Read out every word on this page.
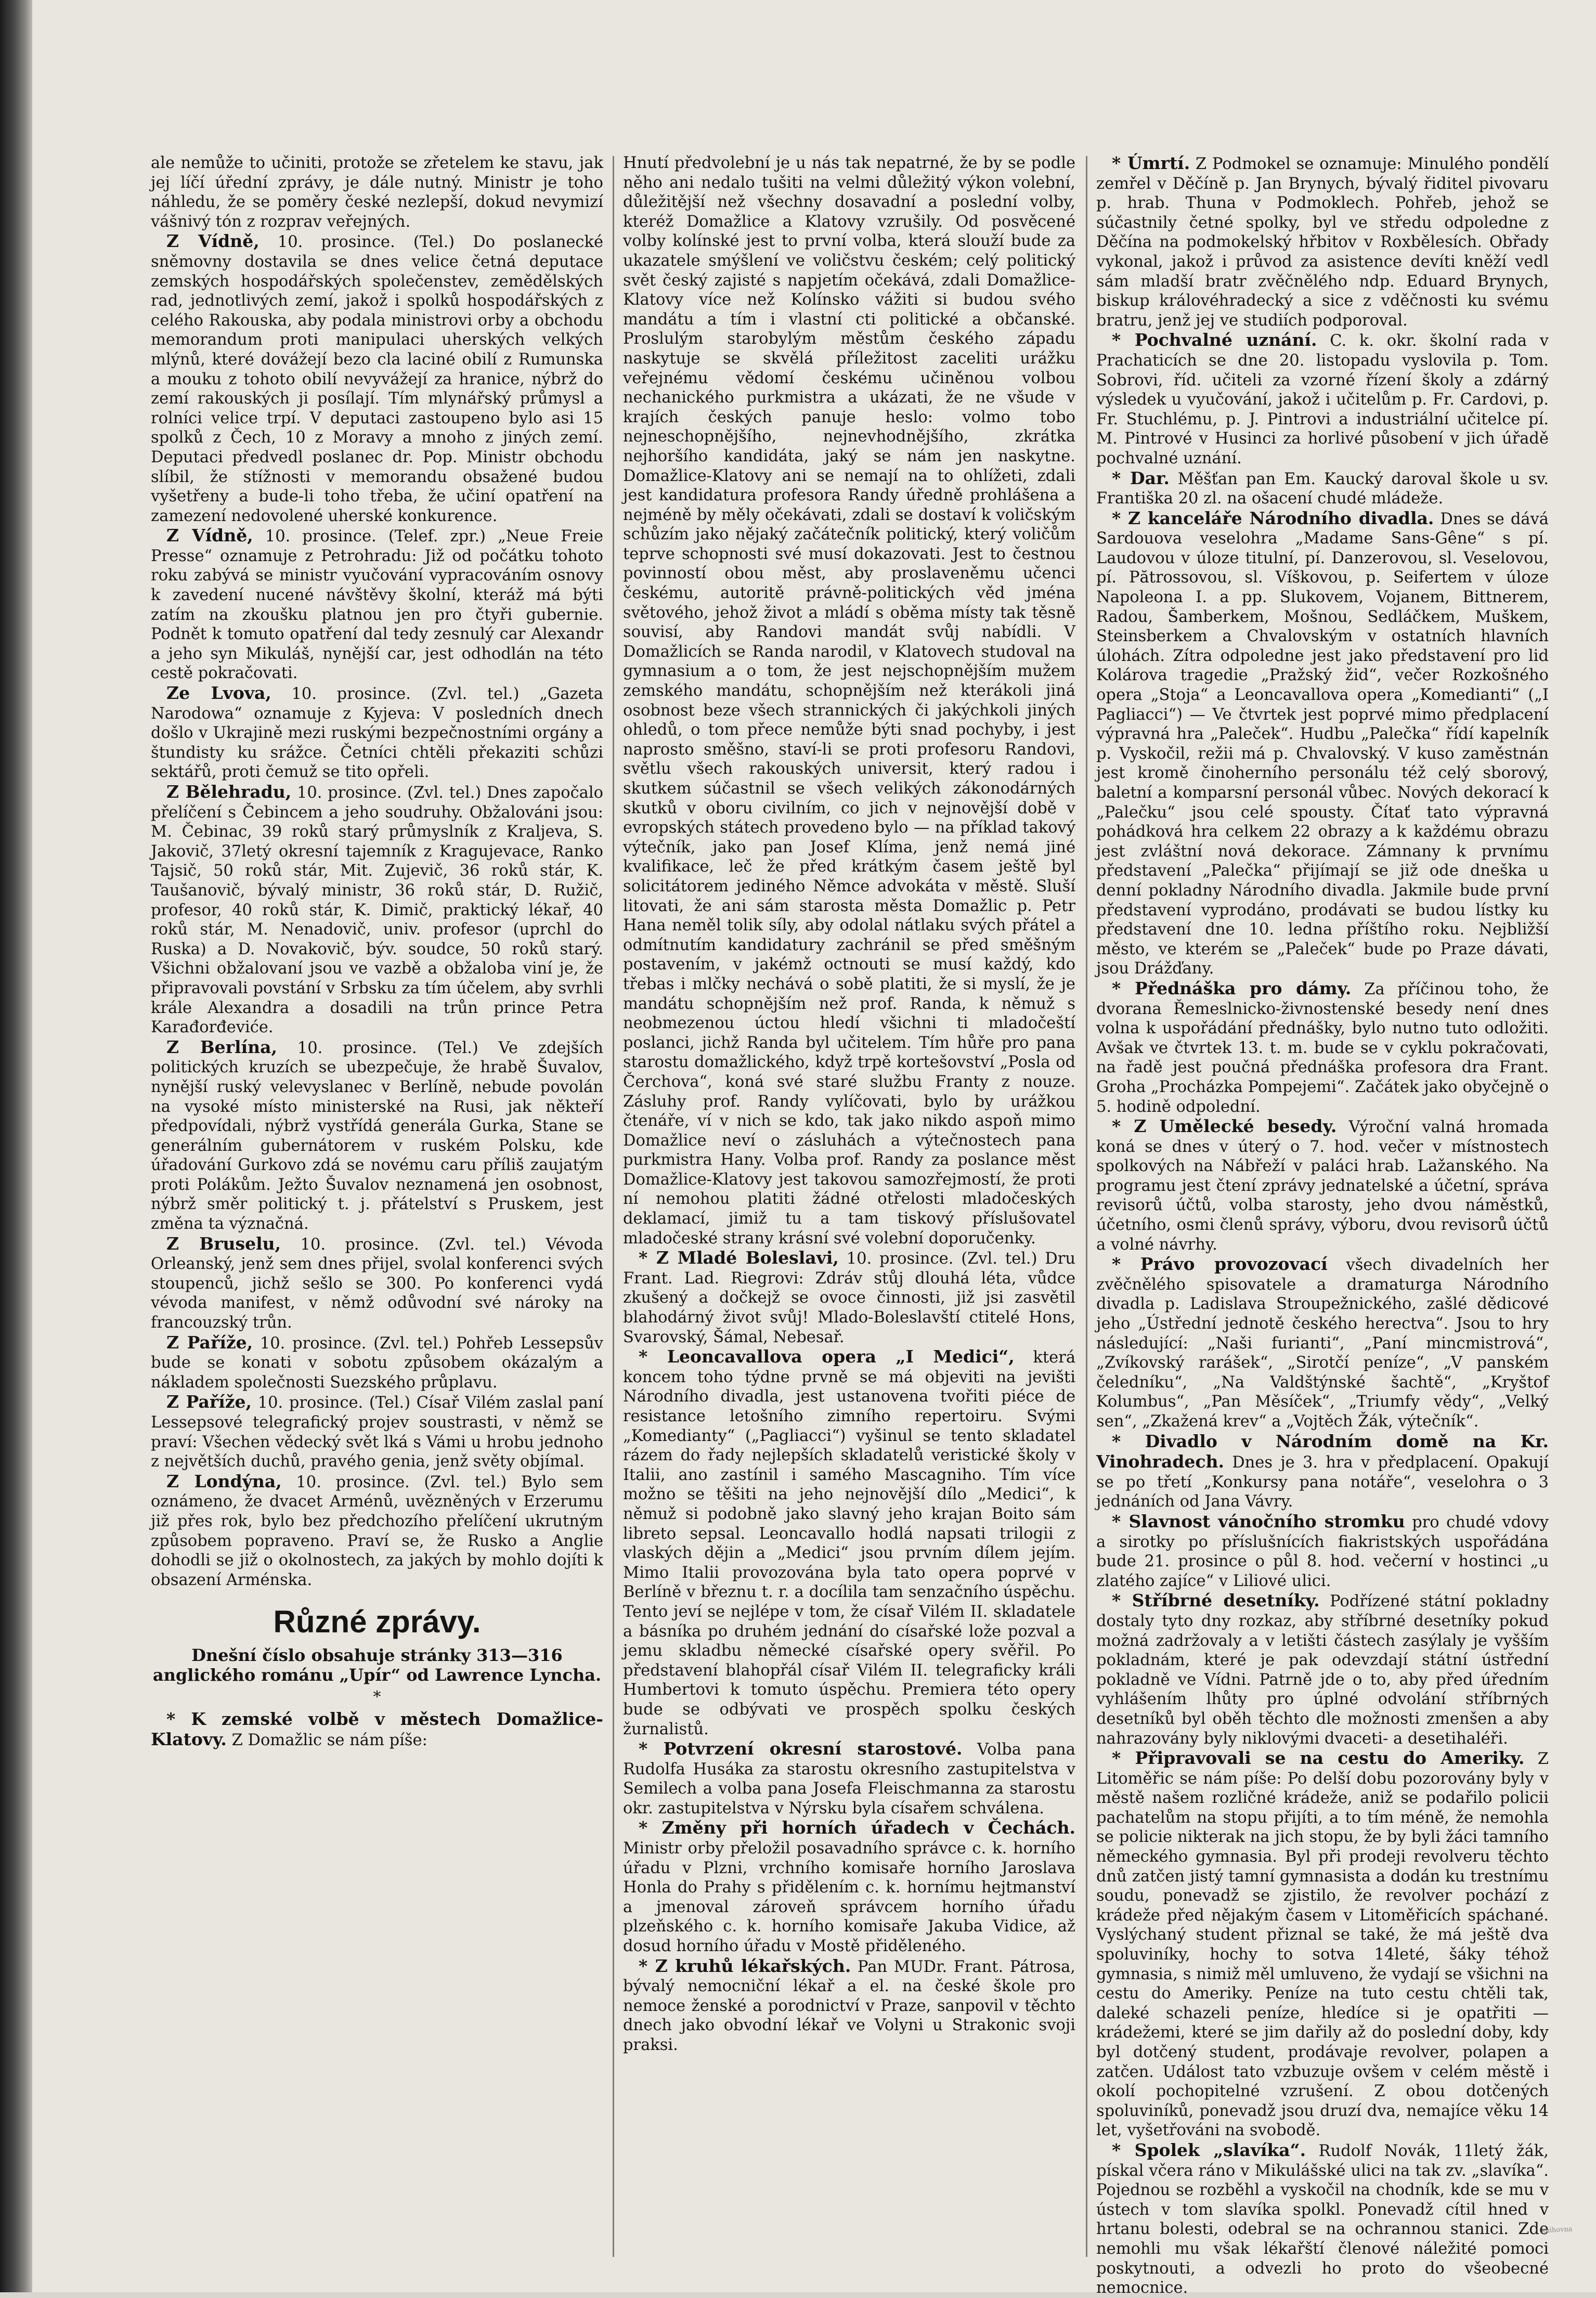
ale nemůže to učiniti, protože se zřetelem ke stavu, jak jej líčí úřední zprávy, je dále nutný. Ministr je toho náhledu, že se poměry české nezlepší, dokud nevymizí vášnivý tón z rozprav veřejných.

Z Vídně, 10. prosince. (Tel.) Do poslanecké sněmovny dostavila se dnes velice četná deputace zemských hospodářských společenstev, zemědělských rad, jednotlivých zemí, jakož i spolků hospodářských z celého Rakouska, aby podala ministrovi orby a obchodu memorandum proti manipulaci uherských velkých mlýnů, které dovážejí bezo cla laciné obilí z Rumunska a mouku z tohoto obilí nevyvážejí za hranice, nýbrž do zemí rakouských ji posílají. Tím mlynářský průmysl a rolníci velice trpí. V deputaci zastoupeno bylo asi 15 spolků z Čech, 10 z Moravy a mnoho z jiných zemí. Deputaci předvedl poslanec dr. Pop. Ministr obchodu slíbil, že stížnosti v memorandu obsažené budou vyšetřeny a bude-li toho třeba, že učiní opatření na zamezení nedovolené uherské konkurence.

Z Vídně, 10. prosince. (Telef. zpr.) „Neue Freie Presse“ oznamuje z Petrohradu: Již od počátku tohoto roku zabývá se ministr vyučování vypracováním osnovy k zavedení nucené návštěvy školní, kteráž má býti zatím na zkoušku platnou jen pro čtyři gubernie. Podnět k tomuto opatření dal tedy zesnulý car Alexandr a jeho syn Mikuláš, nynější car, jest odhodlán na této cestě pokračovati.

Ze Lvova, 10. prosince. (Zvl. tel.) „Gazeta Narodowa“ oznamuje z Kyjeva: V posledních dnech došlo v Ukrajině mezi ruskými bezpečnostními orgány a štundisty ku srážce. Četníci chtěli překaziti schůzi sektářů, proti čemuž se tito opřeli.

Z Bělehradu, 10. prosince. (Zvl. tel.) Dnes započalo přelíčení s Čebincem a jeho soudruhy. Obžalováni jsou: M. Čebinac, 39 roků starý průmyslník z Kraljeva, S. Jakovič, 37letý okresní tajemník z Kragujevace, Ranko Tajsič, 50 roků stár, Mit. Zujevič, 36 roků stár, K. Taušanovič, bývalý ministr, 36 roků stár, D. Ružič, profesor, 40 roků stár, K. Dimič, praktický lékař, 40 roků stár, M. Nenadovič, univ. profesor (uprchl do Ruska) a D. Novakovič, býv. soudce, 50 roků starý. Všichni obžalovaní jsou ve vazbě a obžaloba viní je, že připravovali povstání v Srbsku za tím účelem, aby svrhli krále Alexandra a dosadili na trůn prince Petra Karađorđeviće.

Z Berlína, 10. prosince. (Tel.) Ve zdejších politických kruzích se ubezpečuje, že hrabě Šuvalov, nynější ruský velevyslanec v Berlíně, nebude povolán na vysoké místo ministerské na Rusi, jak někteří předpovídali, nýbrž vystřídá generála Gurka, Stane se generálním gubernátorem v ruském Polsku, kde úřadování Gurkovo zdá se novému caru příliš zaujatým proti Polákům. Ježto Šuvalov neznamená jen osobnost, nýbrž směr politický t. j. přátelství s Pruskem, jest změna ta význačná.

Z Bruselu, 10. prosince. (Zvl. tel.) Vévoda Orleanský, jenž sem dnes přijel, svolal konferenci svých stoupenců, jichž sešlo se 300. Po konferenci vydá vévoda manifest, v němž odůvodní své nároky na francouzský trůn.

Z Paříže, 10. prosince. (Zvl. tel.) Pohřeb Lessepsův bude se konati v sobotu způsobem okázalým a nákladem společnosti Suezského průplavu.

Z Paříže, 10. prosince. (Tel.) Císař Vilém zaslal paní Lessepsové telegrafický projev soustrasti, v němž se praví: Všechen vědecký svět lká s Vámi u hrobu jednoho z největších duchů, pravého genia, jenž světy objímal.

Z Londýna, 10. prosince. (Zvl. tel.) Bylo sem oznámeno, že dvacet Arménů, uvězněných v Erzerumu již přes rok, bylo bez předchozího přelíčení ukrutným způsobem popraveno. Praví se, že Rusko a Anglie dohodli se již o okolnostech, za jakých by mohlo dojíti k obsazení Arménska.

Různé zprávy.

Dnešní číslo obsahuje stránky 313—316 anglického románu „Upír“ od Lawrence Lyncha.

*

* K zemské volbě v městech Domažlice-Klatovy. Z Domažlic se nám píše:

Hnutí předvolební je u nás tak nepatrné, že by se podle něho ani nedalo tušiti na velmi důležitý výkon volební, důležitější než všechny dosavadní a poslední volby, kteréž Domažlice a Klatovy vzrušily. Od posvěcené volby kolínské jest to první volba, která slouží bude za ukazatele smýšlení ve voličstvu českém; celý politický svět český zajisté s napjetím očekává, zdali Domažlice-Klatovy více než Kolínsko vážiti si budou svého mandátu a tím i vlastní cti politické a občanské. Proslulým starobylým městům českého západu naskytuje se skvělá příležitost zaceliti urážku veřejnému vědomí českému učiněnou volbou nechanického purkmistra a ukázati, že ne všude v krajích českých panuje heslo: volmo tobo nejneschopnějšího, nejnevhodnějšího, zkrátka nejhoršího kandidáta, jaký se nám jen naskytne. Domažlice-Klatovy ani se nemají na to ohlížeti, zdali jest kandidatura profesora Randy úředně prohlášena a nejméně by měly očekávati, zdali se dostaví k voličským schůzím jako nějaký začátečník politický, který voličům teprve schopnosti své musí dokazovati. Jest to čestnou povinností obou měst, aby proslaveněmu učenci českému, autoritě právně-politických věd jména světového, jehož život a mládí s oběma místy tak těsně souvisí, aby Randovi mandát svůj nabídli. V Domažlicích se Randa narodil, v Klatovech studoval na gymnasium a o tom, že jest nejschopnějším mužem zemského mandátu, schopnějším než kterákoli jiná osobnost beze všech strannických či jakýchkoli jiných ohledů, o tom přece nemůže býti snad pochyby, i jest naprosto směšno, staví-li se proti profesoru Randovi, světlu všech rakouských universit, který radou i skutkem súčastnil se všech velikých zákonodárných skutků v oboru civilním, co jich v nejnovější době v evropských státech provedeno bylo — na příklad takový výtečník, jako pan Josef Klíma, jenž nemá jiné kvalifikace, leč že před krátkým časem ještě byl solicitátorem jediného Němce advokáta v městě. Sluší litovati, že ani sám starosta města Domažlic p. Petr Hana neměl tolik síly, aby odolal nátlaku svých přátel a odmítnutím kandidatury zachránil se před směšným postavením, v jakémž octnouti se musí každý, kdo třebas i mlčky nechává o sobě platiti, že si myslí, že je mandátu schopnějším než prof. Randa, k němuž s neobmezenou úctou hledí všichni ti mladočeští poslanci, jichž Randa byl učitelem. Tím hůře pro pana starostu domažlického, když trpě kortešovství „Posla od Čerchova“, koná své staré službu Franty z nouze. Zásluhy prof. Randy vylíčovati, bylo by urážkou čtenáře, ví v nich se kdo, tak jako nikdo aspoň mimo Domažlice neví o zásluhách a výtečnostech pana purkmistra Hany. Volba prof. Randy za poslance měst Domažlice-Klatovy jest takovou samozřejmostí, že proti ní nemohou platiti žádné otřelosti mladočeských deklamací, jimiž tu a tam tiskový příslušovatel mladočeské strany krásní své volební doporučenky.

* Z Mladé Boleslavi, 10. prosince. (Zvl. tel.) Dru Frant. Lad. Riegrovi: Zdráv stůj dlouhá léta, vůdce zkušený a dočkejž se ovoce činnosti, již jsi zasvětil blahodárný život svůj! Mlado-Boleslavští ctitelé Hons, Svarovský, Šámal, Nebesař.

* Leoncavallova opera „I Medici“, která koncem toho týdne prvně se má objeviti na jevišti Národního divadla, jest ustanovena tvořiti piéce de resistance letošního zimního repertoiru. Svými „Komedianty“ („Pagliacci“) vyšinul se tento skladatel rázem do řady nejlepších skladatelů veristické školy v Italii, ano zastínil i samého Mascagniho. Tím více možno se těšiti na jeho nejnovější dílo „Medici“, k němuž si podobně jako slavný jeho krajan Boito sám libreto sepsal. Leoncavallo hodlá napsati trilogii z vlaských dějin a „Medici“ jsou prvním dílem jejím. Mimo Italii provozována byla tato opera poprvé v Berlíně v březnu t. r. a docílila tam senzačního úspěchu. Tento jeví se nejlépe v tom, že císař Vilém II. skladatele a básníka po druhém jednání do císařské lože pozval a jemu skladbu německé císařské opery svěřil. Po představení blahopřál císař Vilém II. telegraficky králi Humbertovi k tomuto úspěchu. Premiera této opery bude se odbývati ve prospěch spolku českých žurnalistů.

* Potvrzení okresní starostové. Volba pana Rudolfa Husáka za starostu okresního zastupitelstva v Semilech a volba pana Josefa Fleischmanna za starostu okr. zastupitelstva v Nýrsku byla císařem schválena.

* Změny při horních úřadech v Čechách. Ministr orby přeložil posavadního správce c. k. horního úřadu v Plzni, vrchního komisaře horního Jaroslava Honla do Prahy s přidělením c. k. hornímu hejtmanství a jmenoval zároveň správcem horního úřadu plzeňského c. k. horního komisaře Jakuba Vidice, až dosud horního úřadu v Mostě přiděleného.

* Z kruhů lékařských. Pan MUDr. Frant. Pátrosa, bývalý nemocniční lékař a el. na české škole pro nemoce ženské a porodnictví v Praze, sanpovil v těchto dnech jako obvodní lékař ve Volyni u Strakonic svoji praksi.

* Úmrtí. Z Podmokel se oznamuje: Minulého pondělí zemřel v Děčíně p. Jan Brynych, bývalý řiditel pivovaru p. hrab. Thuna v Podmoklech. Pohřeb, jehož se súčastnily četné spolky, byl ve středu odpoledne z Děčína na podmokelský hřbitov v Roxbělesích. Obřady vykonal, jakož i průvod za asistence devíti kněží vedl sám mladší bratr zvěčnělého ndp. Eduard Brynych, biskup královéhradecký a sice z vděčnosti ku svému bratru, jenž jej ve studiích podporoval.

* Pochvalné uznání. C. k. okr. školní rada v Prachaticích se dne 20. listopadu vyslovila p. Tom. Sobrovi, říd. učiteli za vzorné řízení školy a zdárný výsledek u vyučování, jakož i učitelům p. Fr. Cardovi, p. Fr. Stuchlému, p. J. Pintrovi a industriální učitelce pí. M. Pintrové v Husinci za horlivé působení v jich úřadě pochvalné uznání.

* Dar. Měšťan pan Em. Kaucký daroval škole u sv. Františka 20 zl. na ošacení chudé mládeže.

* Z kanceláře Národního divadla. Dnes se dává Sardouova veselohra „Madame Sans-Gêne“ s pí. Laudovou v úloze titulní, pí. Danzerovou, sl. Veselovou, pí. Pătrossovou, sl. Víškovou, p. Seifertem v úloze Napoleona I. a pp. Slukovem, Vojanem, Bittnerem, Radou, Šamberkem, Mošnou, Sedláčkem, Muškem, Steinsberkem a Chvalovským v ostatních hlavních úlohách. Zítra odpoledne jest jako představení pro lid Kolárova tragedie „Pražský žid“, večer Rozkošného opera „Stoja“ a Leoncavallova opera „Komedianti“ („I Pagliacci“) — Ve čtvrtek jest poprvé mimo předplacení výpravná hra „Paleček“. Hudbu „Palečka“ řídí kapelník p. Vyskočil, režii má p. Chvalovský. V kuso zaměstnán jest kromě činoherního personálu též celý sborový, baletní a komparsní personál vůbec. Nových dekorací k „Palečku“ jsou celé spousty. Čítať tato výpravná pohádková hra celkem 22 obrazy a k každému obrazu jest zvláštní nová dekorace. Zámnany k prvnímu představení „Palečka“ přijímají se již ode dneška u denní pokladny Národního divadla. Jakmile bude první představení vyprodáno, prodávati se budou lístky ku představení dne 10. ledna příštího roku. Nejbližší město, ve kterém se „Paleček“ bude po Praze dávati, jsou Drážďany.

* Přednáška pro dámy. Za příčinou toho, že dvorana Řemeslnicko-živnostenské besedy není dnes volna k uspořádání přednášky, bylo nutno tuto odložiti. Avšak ve čtvrtek 13. t. m. bude se v cyklu pokračovati, na řadě jest poučná přednáška profesora dra Frant. Groha „Procházka Pompejemi“. Začátek jako obyčejně o 5. hodině odpolední.

* Z Umělecké besedy. Výroční valná hromada koná se dnes v úterý o 7. hod. večer v místnostech spolkových na Nábřeží v paláci hrab. Lažanského. Na programu jest čtení zprávy jednatelské a účetní, správa revisorů účtů, volba starosty, jeho dvou náměstků, účetního, osmi členů správy, výboru, dvou revisorů účtů a volné návrhy.

* Právo provozovací všech divadelních her zvěčnělého spisovatele a dramaturga Národního divadla p. Ladislava Stroupežnického, zašlé dědicové jeho „Ústřední jednotě českého herectva“. Jsou to hry následující: „Naši furianti“, „Paní mincmistrová“, „Zvíkovský rarášek“, „Sirotčí peníze“, „V panském čeledníku“, „Na Valdštýnské šachtě“, „Kryštof Kolumbus“, „Pan Měsíček“, „Triumfy vědy“, „Velký sen“, „Zkažená krev“ a „Vojtěch Žák, výtečník“.

* Divadlo v Národním domě na Kr. Vinohradech. Dnes je 3. hra v předplacení. Opakují se po třetí „Konkursy pana notáře“, veselohra o 3 jednáních od Jana Vávry.

* Slavnost vánočního stromku pro chudé vdovy a sirotky po příslušnících fiakristských uspořádána bude 21. prosince o půl 8. hod. večerní v hostinci „u zlatého zajíce“ v Liliové ulici.

* Stříbrné desetníky. Podřízené státní pokladny dostaly tyto dny rozkaz, aby stříbrné desetníky pokud možná zadržovaly a v letišti částech zasýlaly je vyšším pokladnám, které je pak odevzdají státní ústřední pokladně ve Vídni. Patrně jde o to, aby před úředním vyhlášením lhůty pro úplné odvolání stříbrných desetníků byl oběh těchto dle možnosti zmenšen a aby nahrazovány byly niklovými dvaceti- a desetihaléři.

* Připravovali se na cestu do Ameriky. Z Litoměřic se nám píše: Po delší dobu pozorovány byly v městě našem rozličné krádeže, aniž se podařilo policii pachatelům na stopu přijíti, a to tím méně, že nemohla se policie nikterak na jich stopu, že by byli žáci tamního německého gymnasia. Byl při prodeji revolveru těchto dnů zatčen jistý tamní gymnasista a dodán ku trestnímu soudu, ponevadž se zjistilo, že revolver pochází z krádeže před nějakým časem v Litoměřicích spáchané. Vyslýchaný student přiznal se také, že má ještě dva spoluviníky, hochy to sotva 14leté, šáky téhož gymnasia, s nimiž měl umluveno, že vydají se všichni na cestu do Ameriky. Peníze na tuto cestu chtěli tak, daleké schazeli peníze, hledíce si je opatřiti — krádežemi, které se jim dařily až do poslední doby, kdy byl dotčený student, prodávaje revolver, polapen a zatčen. Událost tato vzbuzuje ovšem v celém městě i okolí pochopitelné vzrušení. Z obou dotčených spoluviníků, ponevadž jsou druzí dva, nemajíce věku 14 let, vyšetřováni na svobodě.

* Spolek „slavíka“. Rudolf Novák, 11letý žák, pískal včera ráno v Mikulášské ulici na tak zv. „slavíka“. Pojednou se rozběhl a vyskočil na chodník, kde se mu v ústech v tom slavíka spolkl. Ponevadž cítil hned v hrtanu bolesti, odebral se na ochrannou stanici. Zde nemohli mu však lékařští členové náležité pomoci poskytnouti, a odvezli ho proto do všeobecné nemocnice.

knihovna
